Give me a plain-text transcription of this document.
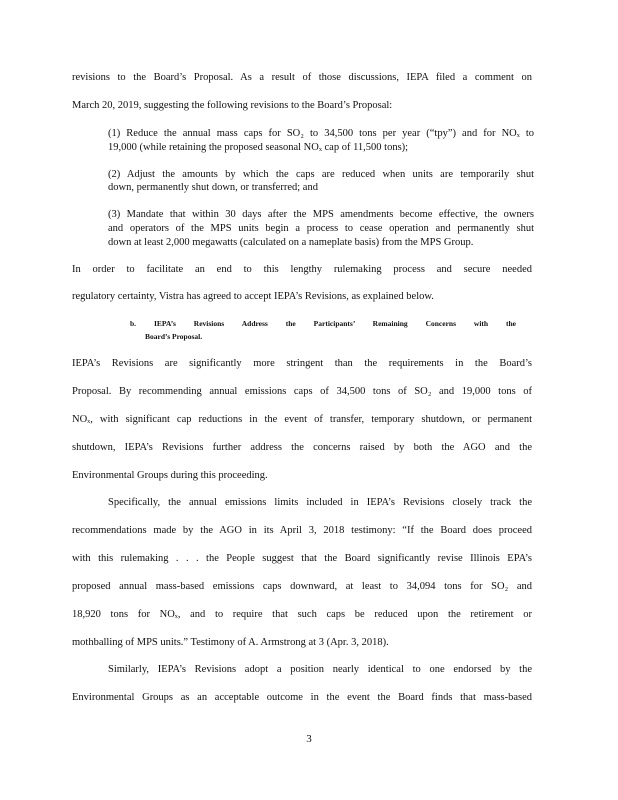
revisions to the Board’s Proposal. As a result of those discussions, IEPA filed a comment on
March 20, 2019, suggesting the following revisions to the Board’s Proposal:
(1) Reduce the annual mass caps for SO₂ to 34,500 tons per year (“tpy”) and for NOₓ to
19,000 (while retaining the proposed seasonal NOₓ cap of 11,500 tons);
(2) Adjust the amounts by which the caps are reduced when units are temporarily shut
down, permanently shut down, or transferred; and
(3) Mandate that within 30 days after the MPS amendments become effective, the owners
and operators of the MPS units begin a process to cease operation and permanently shut
down at least 2,000 megawatts (calculated on a nameplate basis) from the MPS Group.
In order to facilitate an end to this lengthy rulemaking process and secure needed
regulatory certainty, Vistra has agreed to accept IEPA’s Revisions, as explained below.
IEPA’s Revisions are significantly more stringent than the requirements in the Board’s
Proposal. By recommending annual emissions caps of 34,500 tons of SO₂ and 19,000 tons of
NOₓ, with significant cap reductions in the event of transfer, temporary shutdown, or permanent
shutdown, IEPA’s Revisions further address the concerns raised by both the AGO and the
Environmental Groups during this proceeding.
Specifically, the annual emissions limits included in IEPA’s Revisions closely track the
recommendations made by the AGO in its April 3, 2018 testimony: “If the Board does proceed
with this rulemaking . . . the People suggest that the Board significantly revise Illinois EPA’s
proposed annual mass-based emissions caps downward, at least to 34,094 tons for SO₂ and
18,920 tons for NOₓ, and to require that such caps be reduced upon the retirement or
mothballing of MPS units.” Testimony of A. Armstrong at 3 (Apr. 3, 2018).
Similarly, IEPA’s Revisions adopt a position nearly identical to one endorsed by the
Environmental Groups as an acceptable outcome in the event the Board finds that mass-based
b. IEPA’s Revisions Address the Participants’ Remaining Concerns with the
Board’s Proposal.
3
